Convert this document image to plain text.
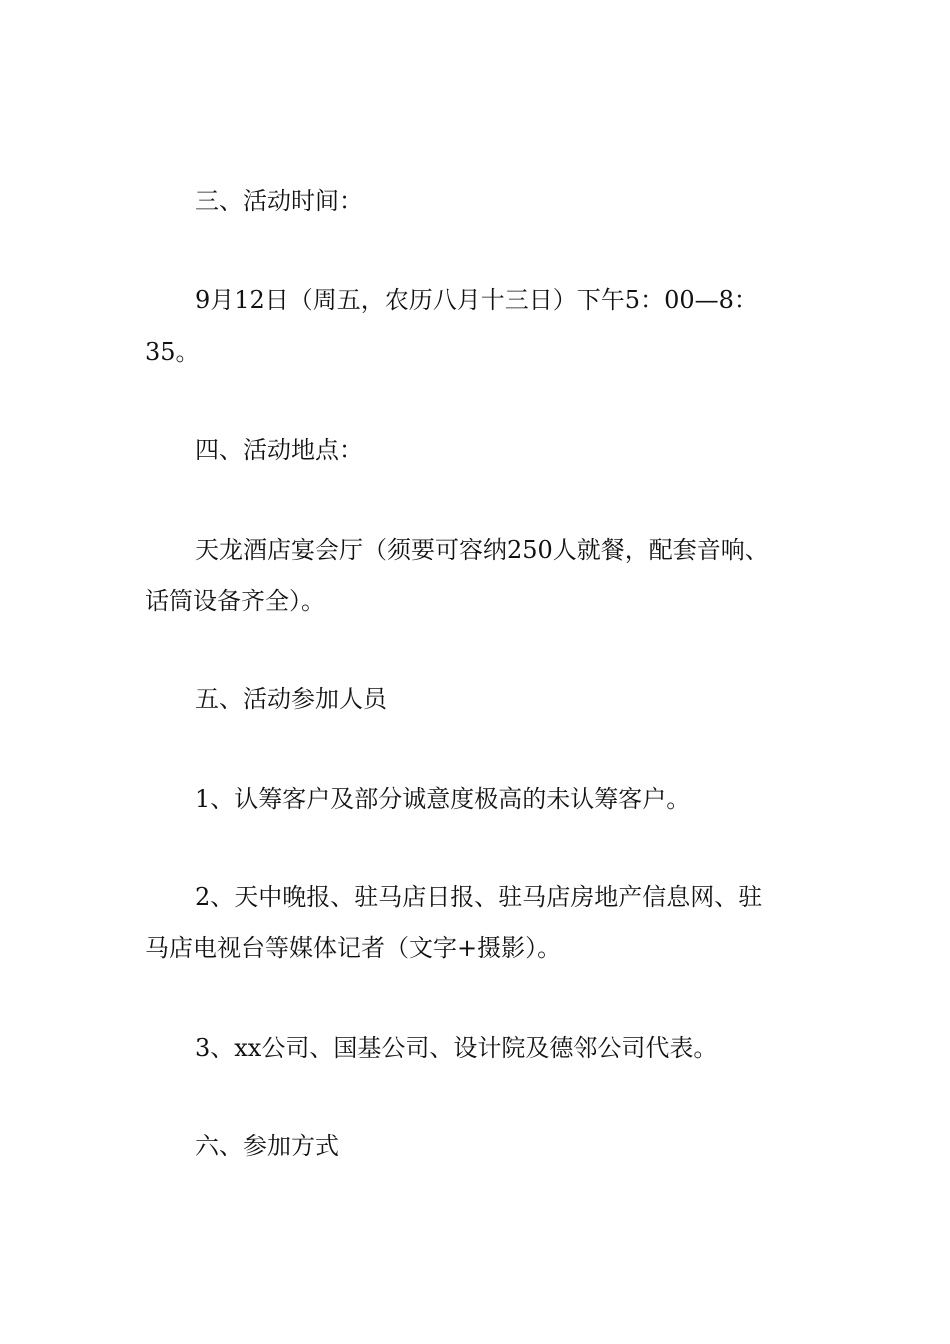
三、活动时间：
9月12日（周五，农历八月十三日）下午5：00—8：
35。
四、活动地点：
天龙酒店宴会厅（须要可容纳250人就餐，配套音响、
话筒设备齐全）。
五、活动参加人员
1、认筹客户及部分诚意度极高的未认筹客户。
2、天中晚报、驻马店日报、驻马店房地产信息网、驻
马店电视台等媒体记者（文字+摄影）。
3、xx公司、国基公司、设计院及德邻公司代表。
六、参加方式
